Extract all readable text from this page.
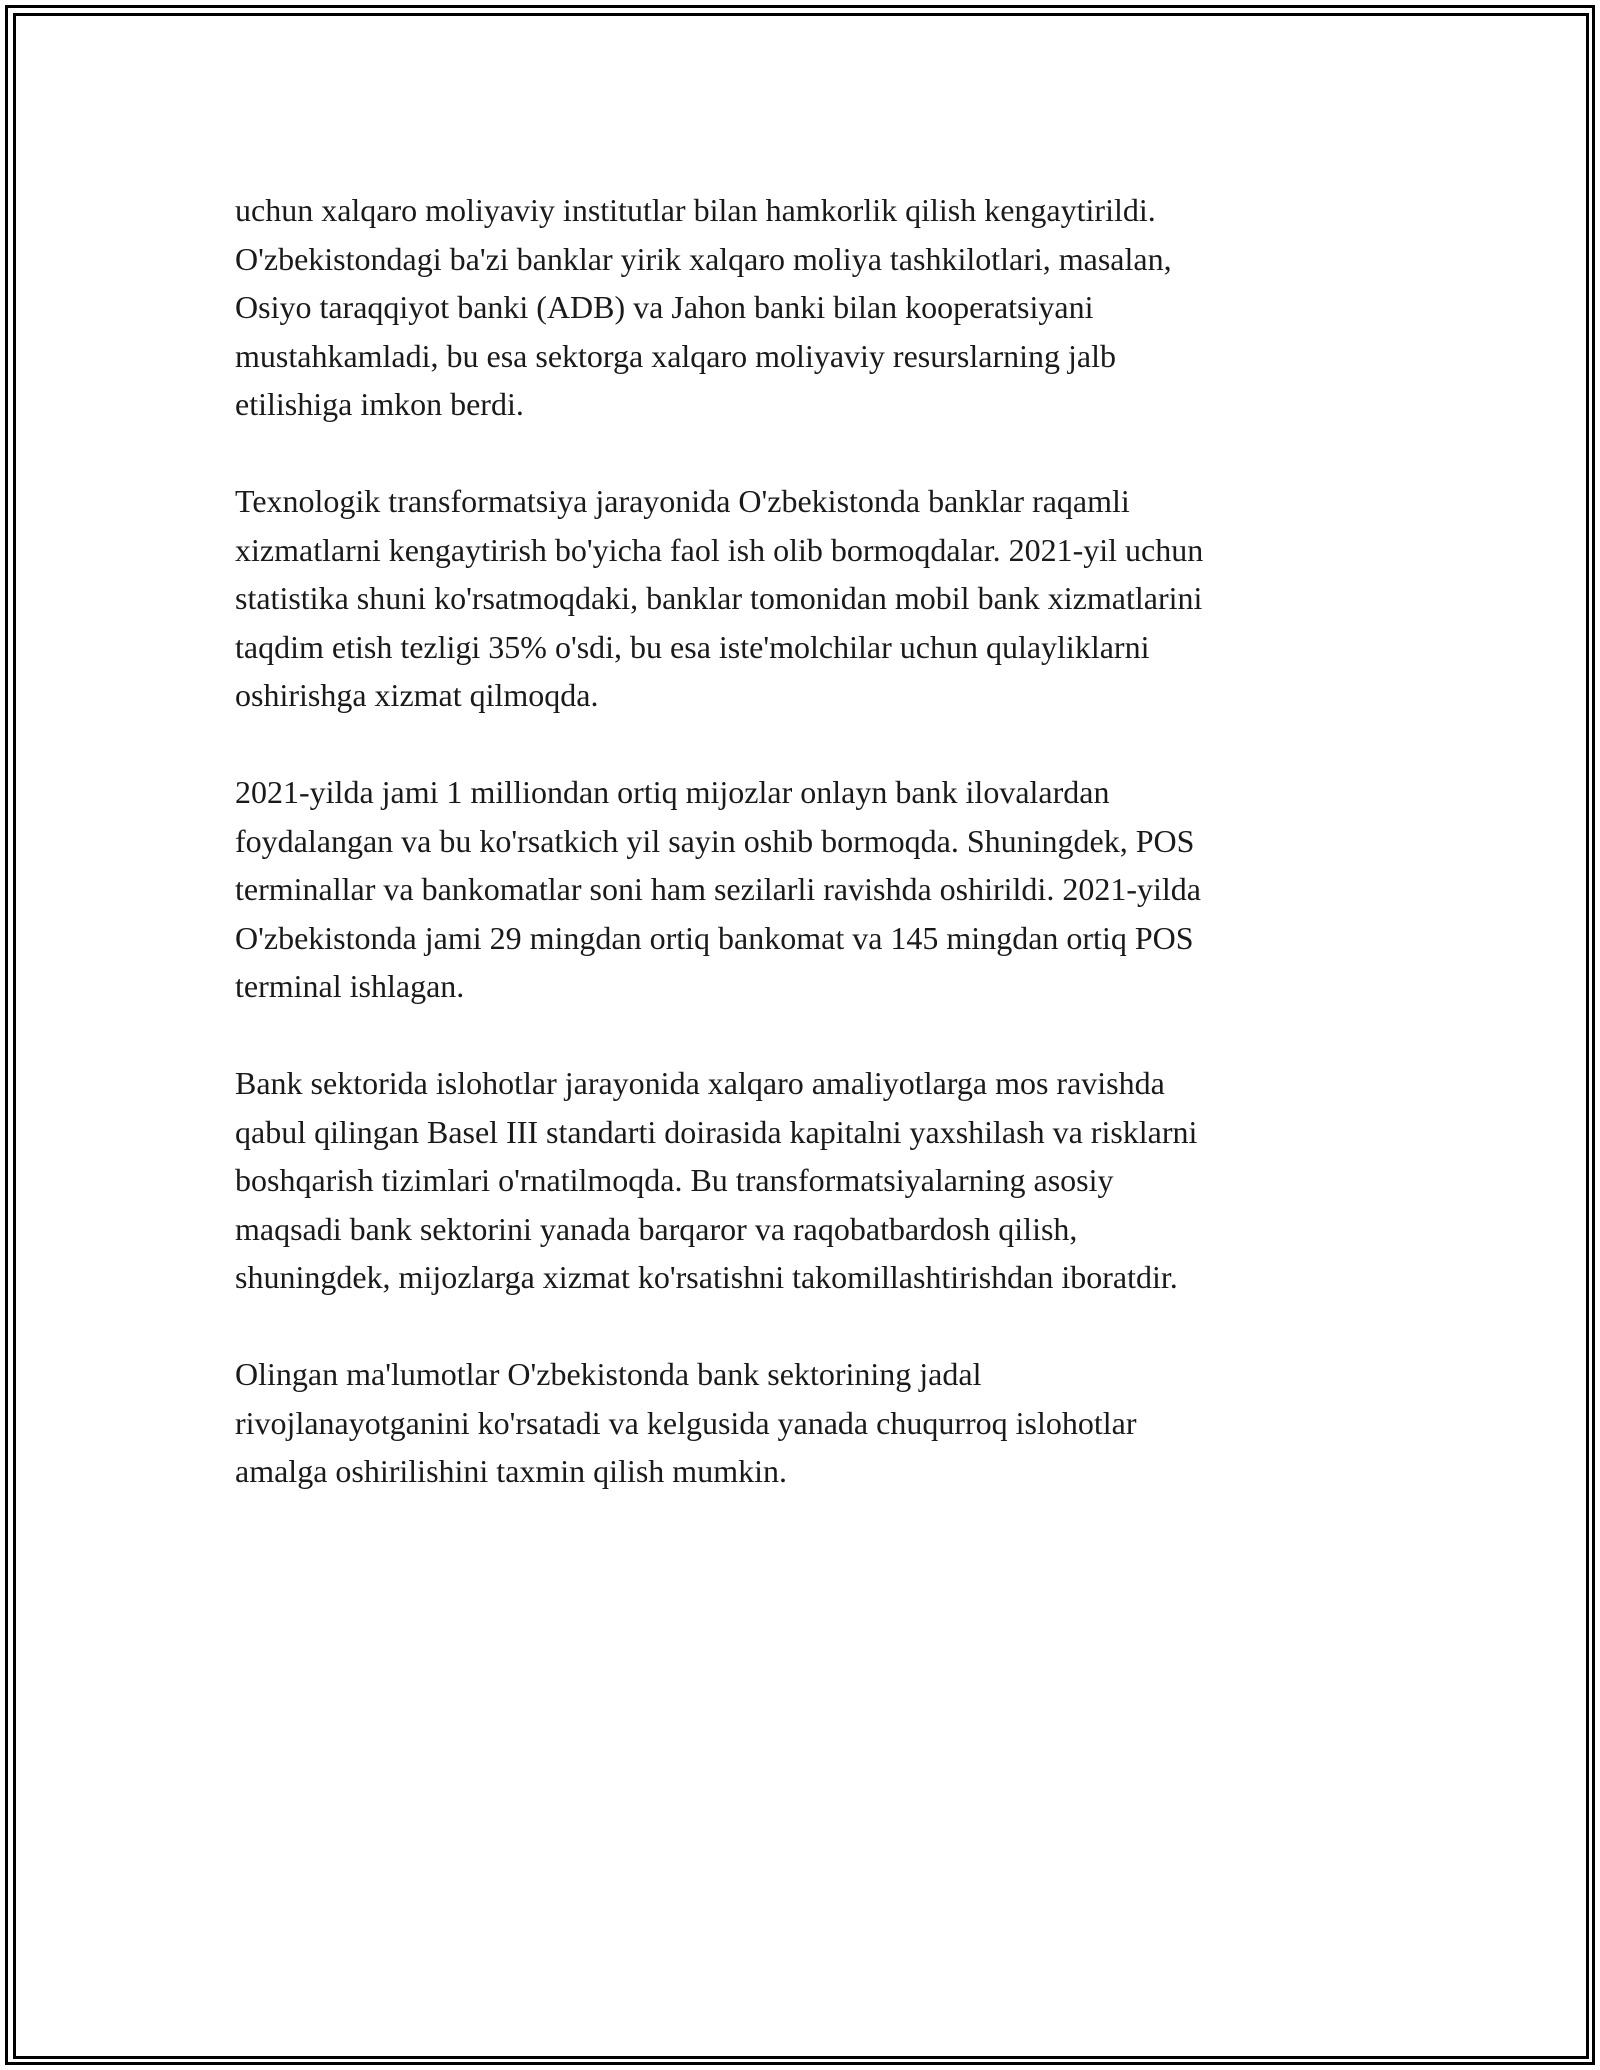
uchun xalqaro moliyaviy institutlar bilan hamkorlik qilish kengaytirildi.
O'zbekistondagi ba'zi banklar yirik xalqaro moliya tashkilotlari, masalan,
Osiyo taraqqiyot banki (ADB) va Jahon banki bilan kooperatsiyani
mustahkamladi, bu esa sektorga xalqaro moliyaviy resurslarning jalb
etilishiga imkon berdi.

Texnologik transformatsiya jarayonida O'zbekistonda banklar raqamli
xizmatlarni kengaytirish bo'yicha faol ish olib bormoqdalar. 2021-yil uchun
statistika shuni ko'rsatmoqdaki, banklar tomonidan mobil bank xizmatlarini
taqdim etish tezligi 35% o'sdi, bu esa iste'molchilar uchun qulayliklarni
oshirishga xizmat qilmoqda.

2021-yilda jami 1 milliondan ortiq mijozlar onlayn bank ilovalardan
foydalangan va bu ko'rsatkich yil sayin oshib bormoqda. Shuningdek, POS
terminallar va bankomatlar soni ham sezilarli ravishda oshirildi. 2021-yilda
O'zbekistonda jami 29 mingdan ortiq bankomat va 145 mingdan ortiq POS
terminal ishlagan.

Bank sektorida islohotlar jarayonida xalqaro amaliyotlarga mos ravishda
qabul qilingan Basel III standarti doirasida kapitalni yaxshilash va risklarni
boshqarish tizimlari o'rnatilmoqda. Bu transformatsiyalarning asosiy
maqsadi bank sektorini yanada barqaror va raqobatbardosh qilish,
shuningdek, mijozlarga xizmat ko'rsatishni takomillashtirishdan iboratdir.

Olingan ma'lumotlar O'zbekistonda bank sektorining jadal
rivojlanayotganini ko'rsatadi va kelgusida yanada chuqurroq islohotlar
amalga oshirilishini taxmin qilish mumkin.
